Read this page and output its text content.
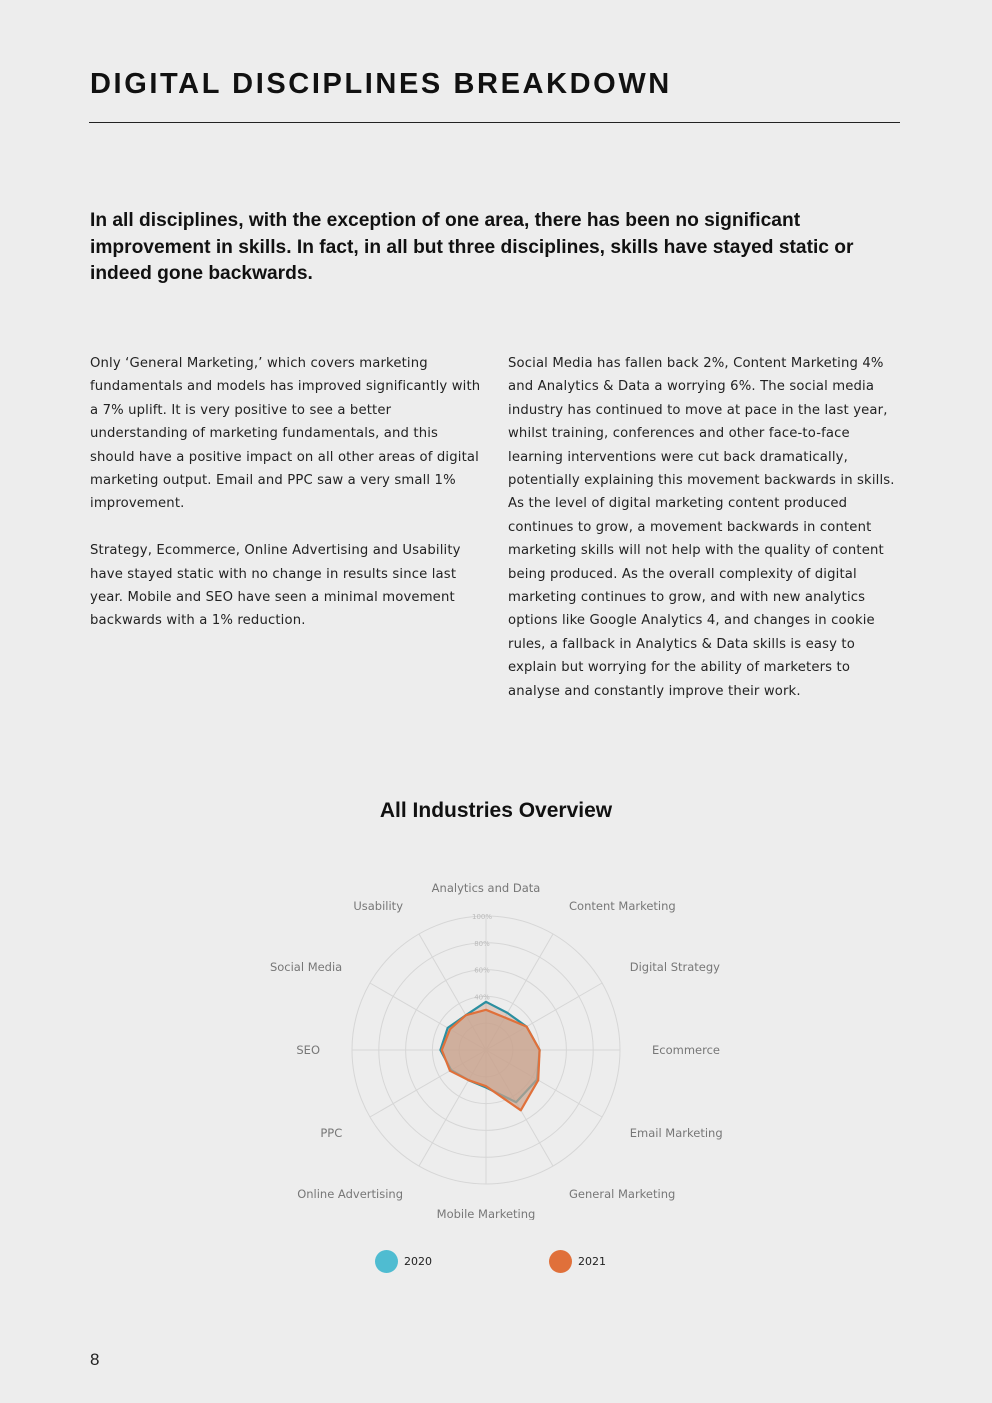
DIGITAL DISCIPLINES BREAKDOWN

In all disciplines, with the exception of one area, there has been no significant improvement in skills. In fact, in all but three disciplines, skills have stayed static or indeed gone backwards.

Only ‘General Marketing,’ which covers marketing fundamentals and models has improved significantly with a 7% uplift. It is very positive to see a better understanding of marketing fundamentals, and this should have a positive impact on all other areas of digital marketing output. Email and PPC saw a very small 1% improvement.

Strategy, Ecommerce, Online Advertising and Usability have stayed static with no change in results since last year. Mobile and SEO have seen a minimal movement backwards with a 1% reduction.

Social Media has fallen back 2%, Content Marketing 4% and Analytics & Data a worrying 6%. The social media industry has continued to move at pace in the last year, whilst training, conferences and other face-to-face learning interventions were cut back dramatically, potentially explaining this movement backwards in skills. As the level of digital marketing content produced continues to grow, a movement backwards in content marketing skills will not help with the quality of content being produced. As the overall complexity of digital marketing continues to grow, and with new analytics options like Google Analytics 4, and changes in cookie rules, a fallback in Analytics & Data skills is easy to explain but worrying for the ability of marketers to analyse and constantly improve their work.

All Industries Overview
Analytics and Data
Content Marketing
Digital Strategy
Ecommerce
Email Marketing
General Marketing
Mobile Marketing
Online Advertising
PPC
SEO
Social Media
Usability
40%
60%
80%
100%
2020	2021
8
